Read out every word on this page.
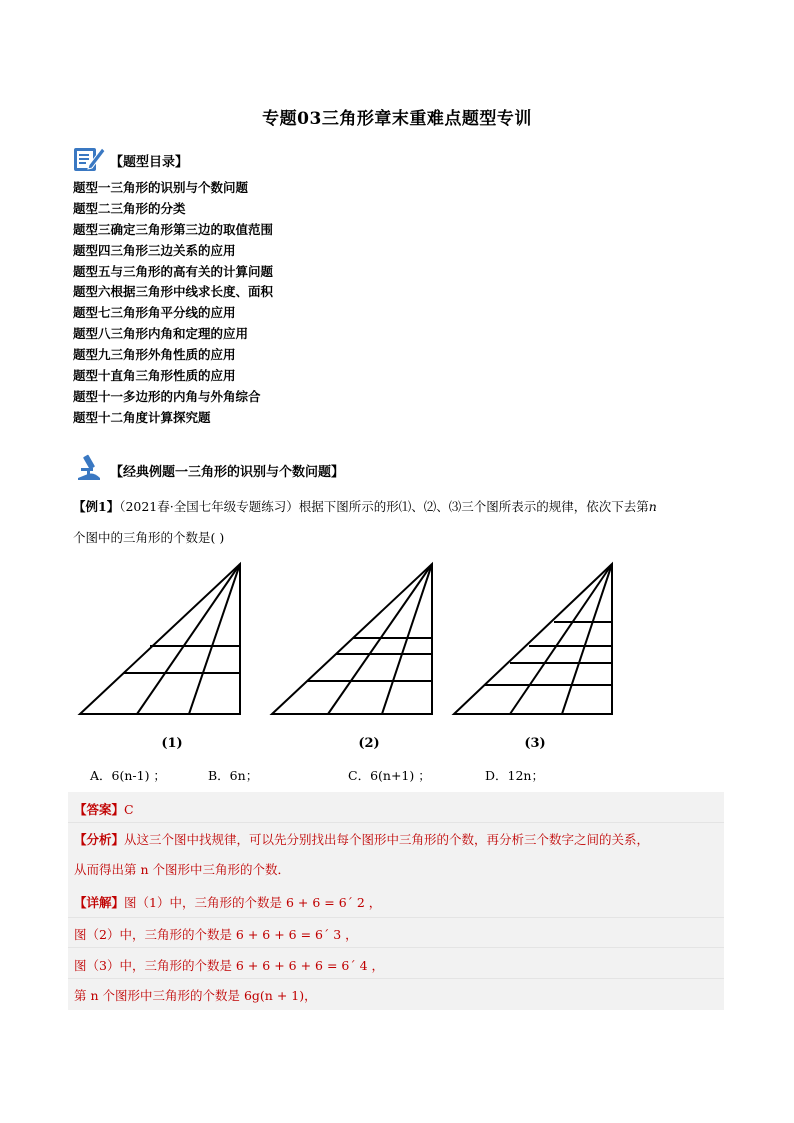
专题03三角形章末重难点题型专训
【题型目录】
题型一三角形的识别与个数问题
题型二三角形的分类
题型三确定三角形第三边的取值范围
题型四三角形三边关系的应用
题型五与三角形的高有关的计算问题
题型六根据三角形中线求长度、面积
题型七三角形角平分线的应用
题型八三角形内角和定理的应用
题型九三角形外角性质的应用
题型十直角三角形性质的应用
题型十一多边形的内角与外角综合
题型十二角度计算探究题
【经典例题一三角形的识别与个数问题】
【例1】（2021春·全国七年级专题练习）根据下图所示的形⑴、⑵、⑶三个图所表示的规律，依次下去第n
个图中的三角形的个数是( )
(1)	(2)	(3)
A．6(n-1) ；	B．6n；	C．6(n+1) ；	D．12n；
【答案】C
【分析】从这三个图中找规律，可以先分别找出每个图形中三角形的个数，再分析三个数字之间的关系，
从而得出第 n 个图形中三角形的个数．
【详解】图（1）中，三角形的个数是 6 + 6 = 6´ 2 ，
图（2）中，三角形的个数是 6 + 6 + 6 = 6´ 3 ，
图（3）中，三角形的个数是 6 + 6 + 6 + 6 = 6´ 4 ，
第 n 个图形中三角形的个数是 6g(n + 1)，
